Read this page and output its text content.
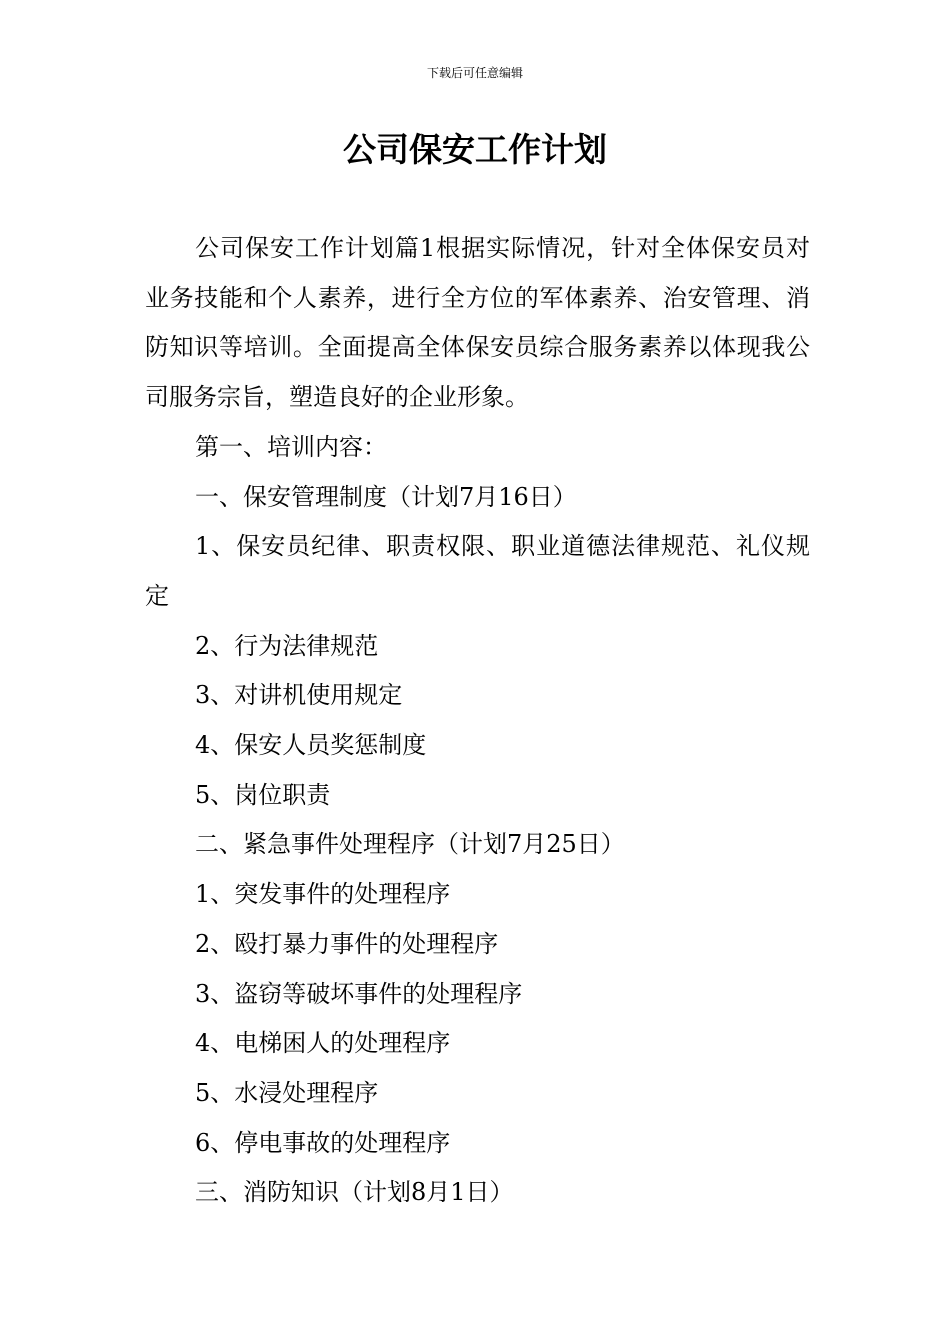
下载后可任意编辑
公司保安工作计划

公司保安工作计划篇1根据实际情况，针对全体保安员对业务技能和个人素养，进行全方位的军体素养、治安管理、消防知识等培训。全面提高全体保安员综合服务素养以体现我公司服务宗旨，塑造良好的企业形象。

第一、培训内容：

一、保安管理制度（计划7月16日）

1、保安员纪律、职责权限、职业道德法律规范、礼仪规定

2、行为法律规范

3、对讲机使用规定

4、保安人员奖惩制度

5、岗位职责

二、紧急事件处理程序（计划7月25日）

1、突发事件的处理程序

2、殴打暴力事件的处理程序

3、盗窃等破坏事件的处理程序

4、电梯困人的处理程序

5、水浸处理程序

6、停电事故的处理程序

三、消防知识（计划8月1日）
